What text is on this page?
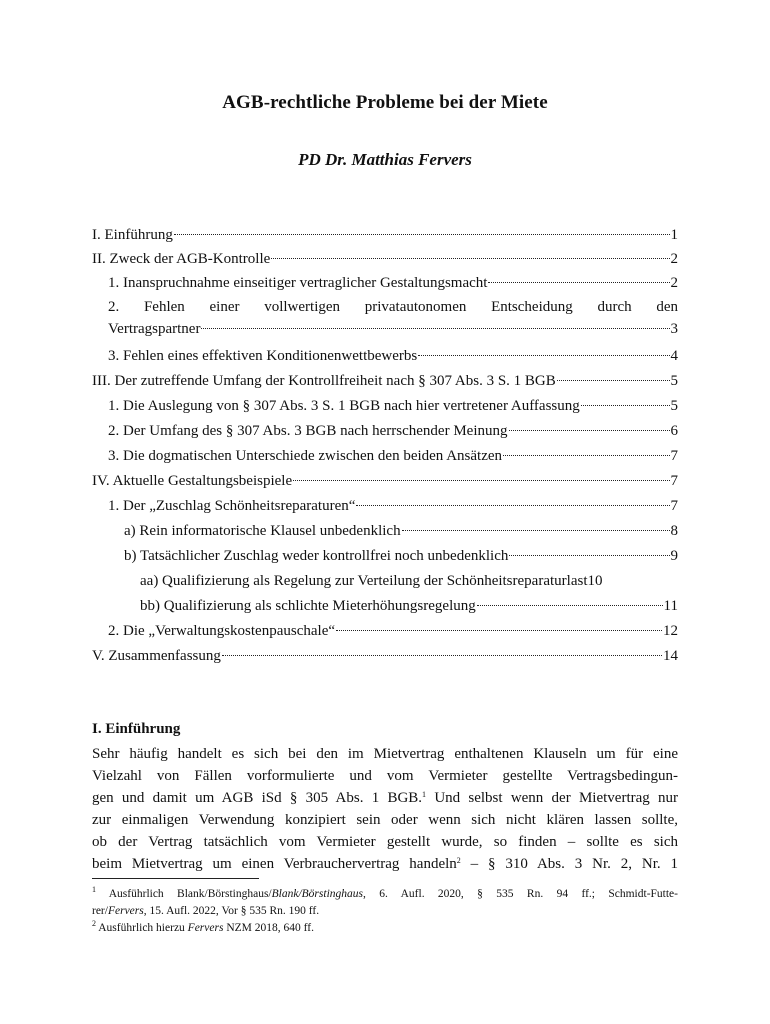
AGB-rechtliche Probleme bei der Miete
PD Dr. Matthias Fervers
I. Einführung	1
II. Zweck der AGB-Kontrolle	2
1. Inanspruchnahme einseitiger vertraglicher Gestaltungsmacht	2
2. Fehlen einer vollwertigen privatautonomen Entscheidung durch den
Vertragspartner	3
3. Fehlen eines effektiven Konditionenwettbewerbs	4
III. Der zutreffende Umfang der Kontrollfreiheit nach § 307 Abs. 3 S. 1 BGB	5
1. Die Auslegung von § 307 Abs. 3 S. 1 BGB nach hier vertretener Auffassung	5
2. Der Umfang des § 307 Abs. 3 BGB nach herrschender Meinung	6
3. Die dogmatischen Unterschiede zwischen den beiden Ansätzen	7
IV. Aktuelle Gestaltungsbeispiele	7
1. Der „Zuschlag Schönheitsreparaturen“	7
a) Rein informatorische Klausel unbedenklich	8
b) Tatsächlicher Zuschlag weder kontrollfrei noch unbedenklich	9
aa) Qualifizierung als Regelung zur Verteilung der Schönheitsreparaturlast 10
bb) Qualifizierung als schlichte Mieterhöhungsregelung	11
2. Die „Verwaltungskostenpauschale“	12
V. Zusammenfassung	14
I. Einführung
Sehr häufig handelt es sich bei den im Mietvertrag enthaltenen Klauseln um für eine
Vielzahl von Fällen vorformulierte und vom Vermieter gestellte Vertragsbedingun-
gen und damit um AGB iSd § 305 Abs. 1 BGB.$^1$ Und selbst wenn der Mietvertrag nur
zur einmaligen Verwendung konzipiert sein oder wenn sich nicht klären lassen sollte,
ob der Vertrag tatsächlich vom Vermieter gestellt wurde, so finden – sollte es sich
beim Mietvertrag um einen Verbrauchervertrag handeln$^2$ – § 310 Abs. 3 Nr. 2, Nr. 1
$^1$ Ausführlich Blank/Börstinghaus/Blank/Börstinghaus, 6. Aufl. 2020, § 535 Rn. 94 ff.; Schmidt-Futte-
rer/Fervers, 15. Aufl. 2022, Vor § 535 Rn. 190 ff.
$^2$ Ausführlich hierzu Fervers NZM 2018, 640 ff.
